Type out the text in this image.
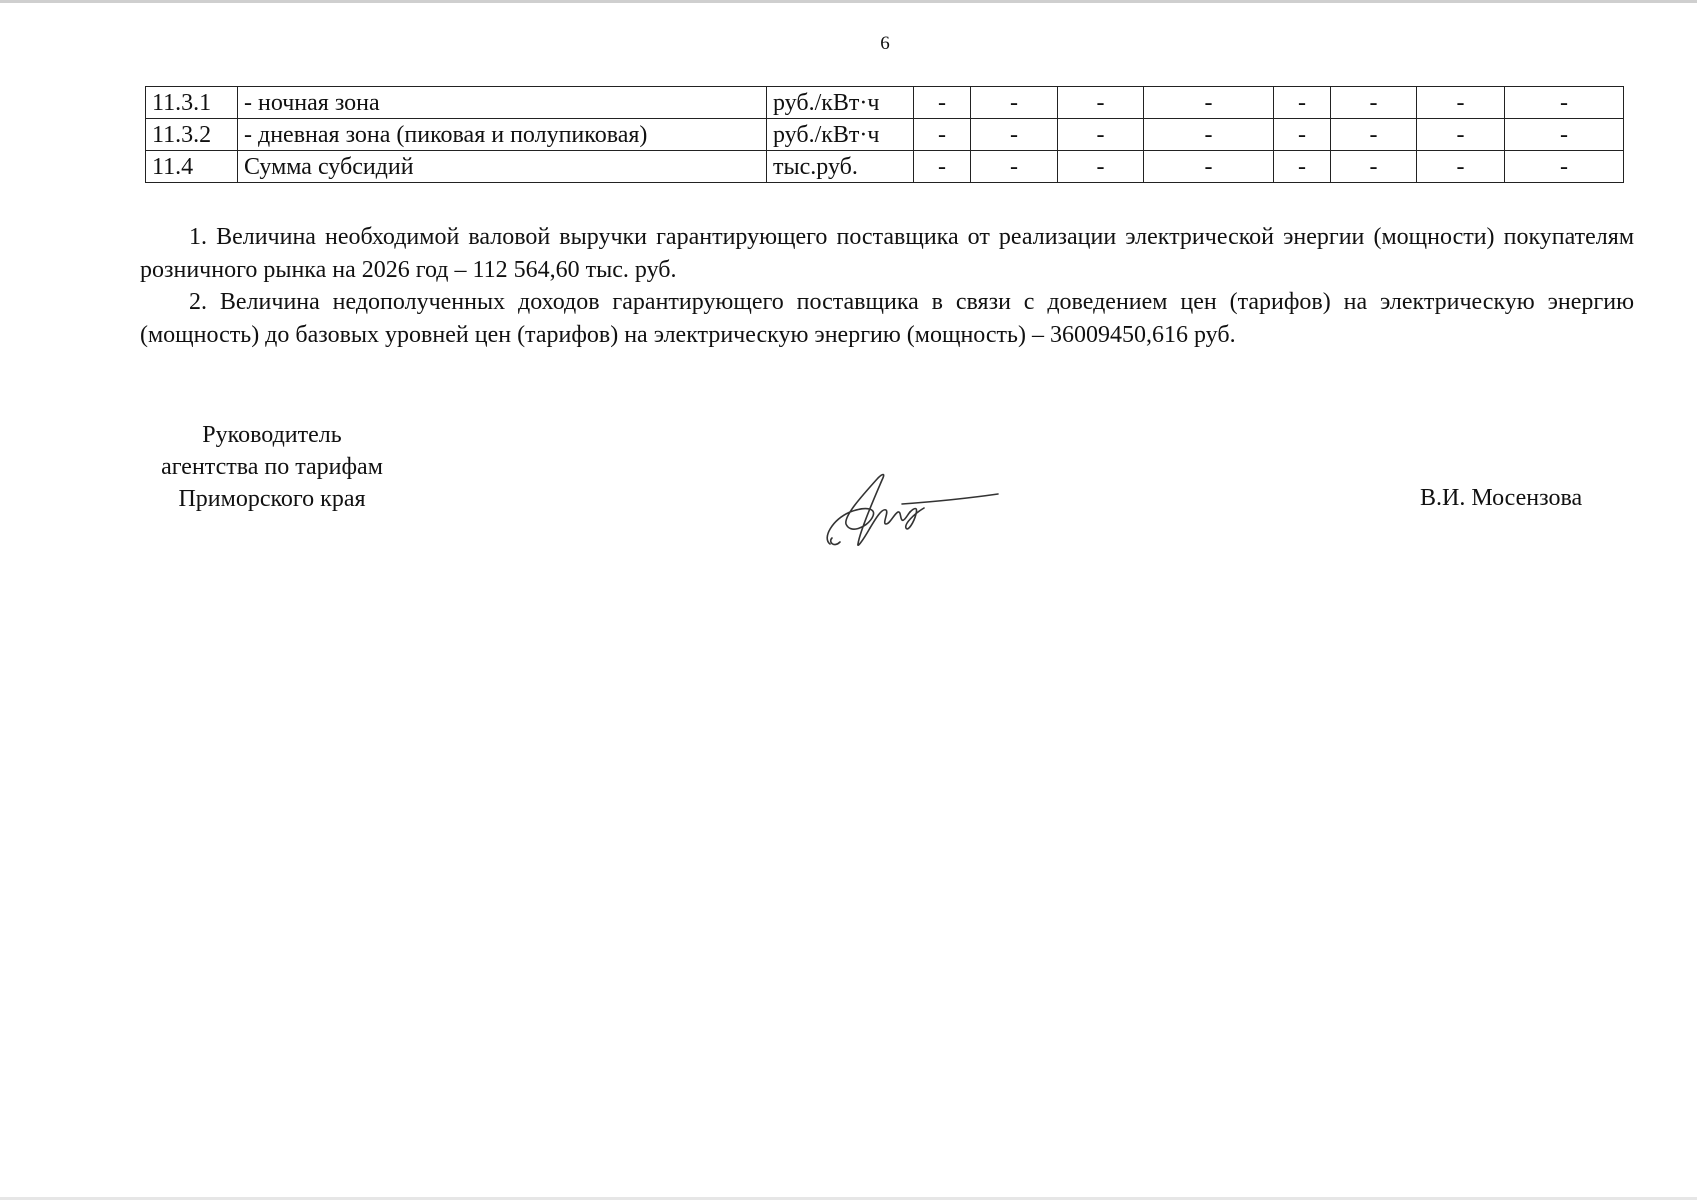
6
11.3.1	- ночная зона	руб./кВт·ч	-	-	-	-	-	-	-	-
11.3.2	- дневная зона (пиковая и полупиковая)	руб./кВт·ч	-	-	-	-	-	-	-	-
11.4	Сумма субсидий	тыс.руб.	-	-	-	-	-	-	-	-

1. Величина необходимой валовой выручки гарантирующего поставщика от реализации электрической энергии (мощности) покупателям розничного рынка на 2026 год – 112 564,60 тыс. руб.

2. Величина недополученных доходов гарантирующего поставщика в связи с доведением цен (тарифов) на электрическую энергию (мощность) до базовых уровней цен (тарифов) на электрическую энергию (мощность) – 36009450,616 руб.

Руководитель
агентства по тарифам
Приморского края	В.И. Мосензова
